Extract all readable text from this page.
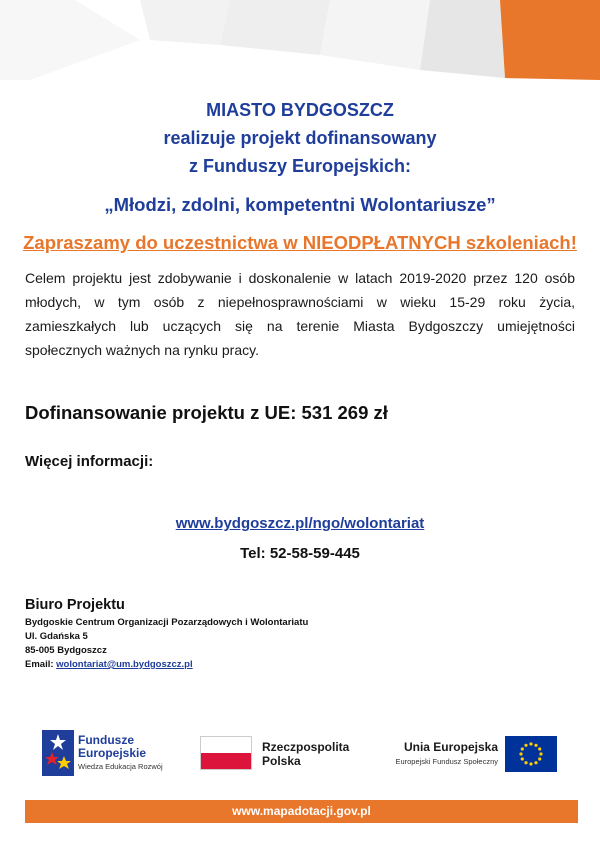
MIASTO BYDGOSZCZ
realizuje projekt dofinansowany
z Funduszy Europejskich:
„Młodzi, zdolni, kompetentni Wolontariusze”
Zapraszamy do uczestnictwa w NIEODPŁATNYCH szkoleniach!
Celem projektu jest zdobywanie i doskonalenie w latach 2019-2020 przez 120 osób młodych, w tym osób z niepełnosprawnościami w wieku 15-29 roku życia, zamieszkałych lub uczących się na terenie Miasta Bydgoszczy umiejętności społecznych ważnych na rynku pracy.
Dofinansowanie projektu z UE: 531 269 zł
Więcej informacji:
www.bydgoszcz.pl/ngo/wolontariat
Tel: 52-58-59-445
Biuro Projektu
Bydgoskie Centrum Organizacji Pozarządowych i Wolontariatu
Ul. Gdańska 5
85-005 Bydgoszcz
Email: wolontariat@um.bydgoszcz.pl
Fundusze
Europejskie
Wiedza Edukacja Rozwój
Rzeczpospolita
Polska
Unia Europejska
Europejski Fundusz Społeczny
www.mapadotacji.gov.pl
